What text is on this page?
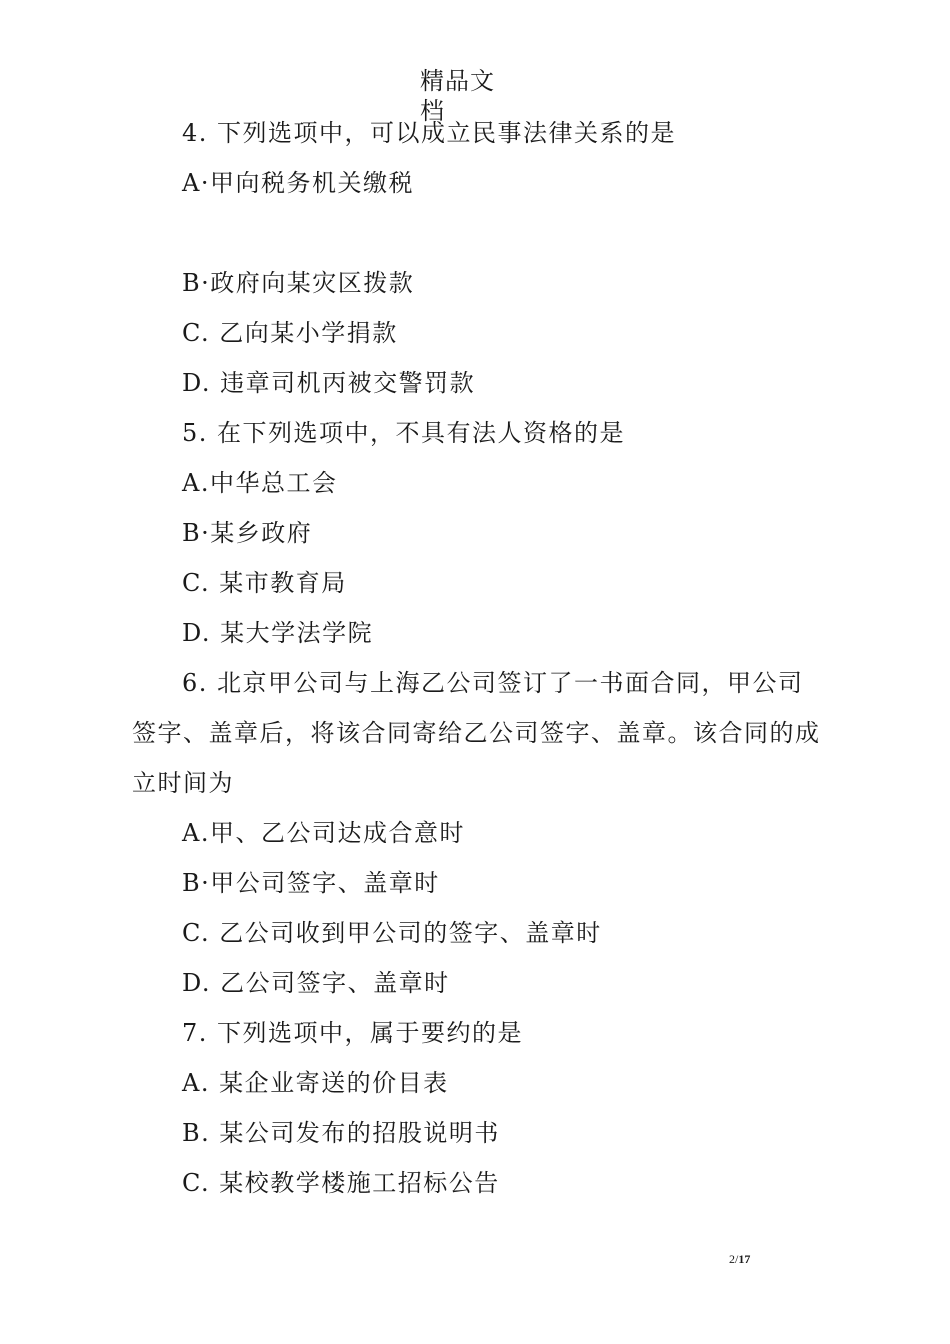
精品文
档
4. 下列选项中，可以成立民事法律关系的是
A·甲向税务机关缴税
B·政府向某灾区拨款
C. 乙向某小学捐款
D. 违章司机丙被交警罚款
5. 在下列选项中，不具有法人资格的是
A.中华总工会
B·某乡政府
C. 某市教育局
D. 某大学法学院
6. 北京甲公司与上海乙公司签订了一书面合同，甲公司
签字、盖章后，将该合同寄给乙公司签字、盖章。该合同的成
立时间为
A.甲、乙公司达成合意时
B·甲公司签字、盖章时
C. 乙公司收到甲公司的签字、盖章时
D. 乙公司签字、盖章时
7. 下列选项中，属于要约的是
A. 某企业寄送的价目表
B. 某公司发布的招股说明书
C. 某校教学楼施工招标公告
2/17
